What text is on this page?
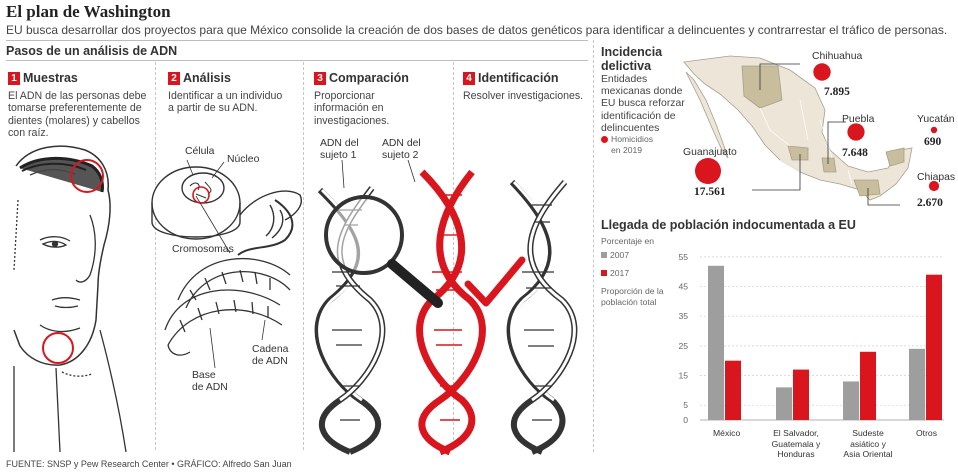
El plan de Washington
EU busca desarrollar dos proyectos para que México consolide la creación de dos bases de datos genéticos para identificar a delincuentes y contrarrestar el tráfico de personas.
Pasos de un análisis de ADN
1 Muestras
El ADN de las personas debe tomarse preferentemente de dientes (molares) y cabellos con raíz.
2 Análisis
Identificar a un individuo a partir de su ADN.
3 Comparación
Proporcionar información en investigaciones.
4 Identificación
Resolver investigaciones.
Célula
Núcleo
Cromosomas
Base
de ADN
Cadena
de ADN
ADN del
sujeto 1
ADN del
sujeto 2
Incidencia
delictiva
Entidades
mexicanas donde
EU busca reforzar
identificación de
delincuentes
Homicidios
en 2019
Chihuahua
7.895
Guanajuato
17.561
Puebla
7.648
Yucatán
690
Chiapas
2.670
Llegada de población indocumentada a EU
Porcentaje en
2007
2017
Proporción de la
población total
0
5
15
25
35
45
55
México	El Salvador,
Guatemala y
Honduras
Sudeste
asiático y
Asia Oriental
Otros
FUENTE: SNSP y Pew Research Center • GRÁFICO: Alfredo San Juan
